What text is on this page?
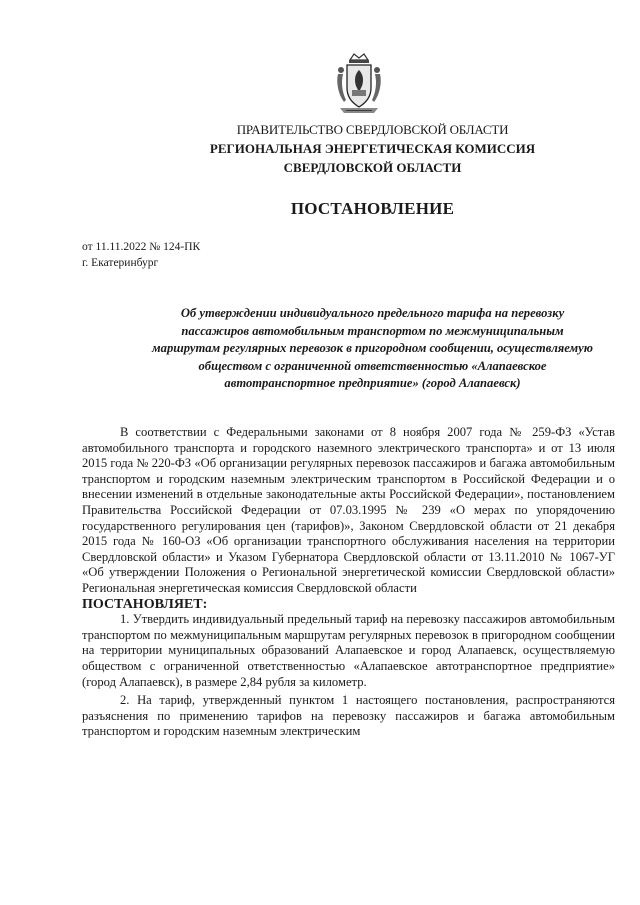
ПРАВИТЕЛЬСТВО СВЕРДЛОВСКОЙ ОБЛАСТИ
РЕГИОНАЛЬНАЯ ЭНЕРГЕТИЧЕСКАЯ КОМИССИЯ
СВЕРДЛОВСКОЙ ОБЛАСТИ
ПОСТАНОВЛЕНИЕ
от 11.11.2022 № 124-ПК
г. Екатеринбург
Об утверждении индивидуального предельного тарифа на перевозку
пассажиров автомобильным транспортом по межмуниципальным
маршрутам регулярных перевозок в пригородном сообщении, осуществляемую
обществом с ограниченной ответственностью «Алапаевское
автотранспортное предприятие» (город Алапаевск)

В соответствии с Федеральными законами от 8 ноября 2007 года № 259-ФЗ «Устав автомобильного транспорта и городского наземного электрического транспорта» и от 13 июля 2015 года № 220-ФЗ «Об организации регулярных перевозок пассажиров и багажа автомобильным транспортом и городским наземным электрическим транспортом в Российской Федерации и о внесении изменений в отдельные законодательные акты Российской Федерации», постановлением Правительства Российской Федерации от 07.03.1995 № 239 «О мерах по упорядочению государственного регулирования цен (тарифов)», Законом Свердловской области от 21 декабря 2015 года № 160-ОЗ «Об организации транспортного обслуживания населения на территории Свердловской области» и Указом Губернатора Свердловской области от 13.11.2010 № 1067-УГ «Об утверждении Положения о Региональной энергетической комиссии Свердловской области» Региональная энергетическая комиссия Свердловской области

ПОСТАНОВЛЯЕТ:

1. Утвердить индивидуальный предельный тариф на перевозку пассажиров автомобильным транспортом по межмуниципальным маршрутам регулярных перевозок в пригородном сообщении на территории муниципальных образований Алапаевское и город Алапаевск, осуществляемую обществом с ограниченной ответственностью «Алапаевское автотранспортное предприятие» (город Алапаевск), в размере 2,84 рубля за километр.

2. На тариф, утвержденный пунктом 1 настоящего постановления, распространяются разъяснения по применению тарифов на перевозку пассажиров и багажа автомобильным транспортом и городским наземным электрическим
